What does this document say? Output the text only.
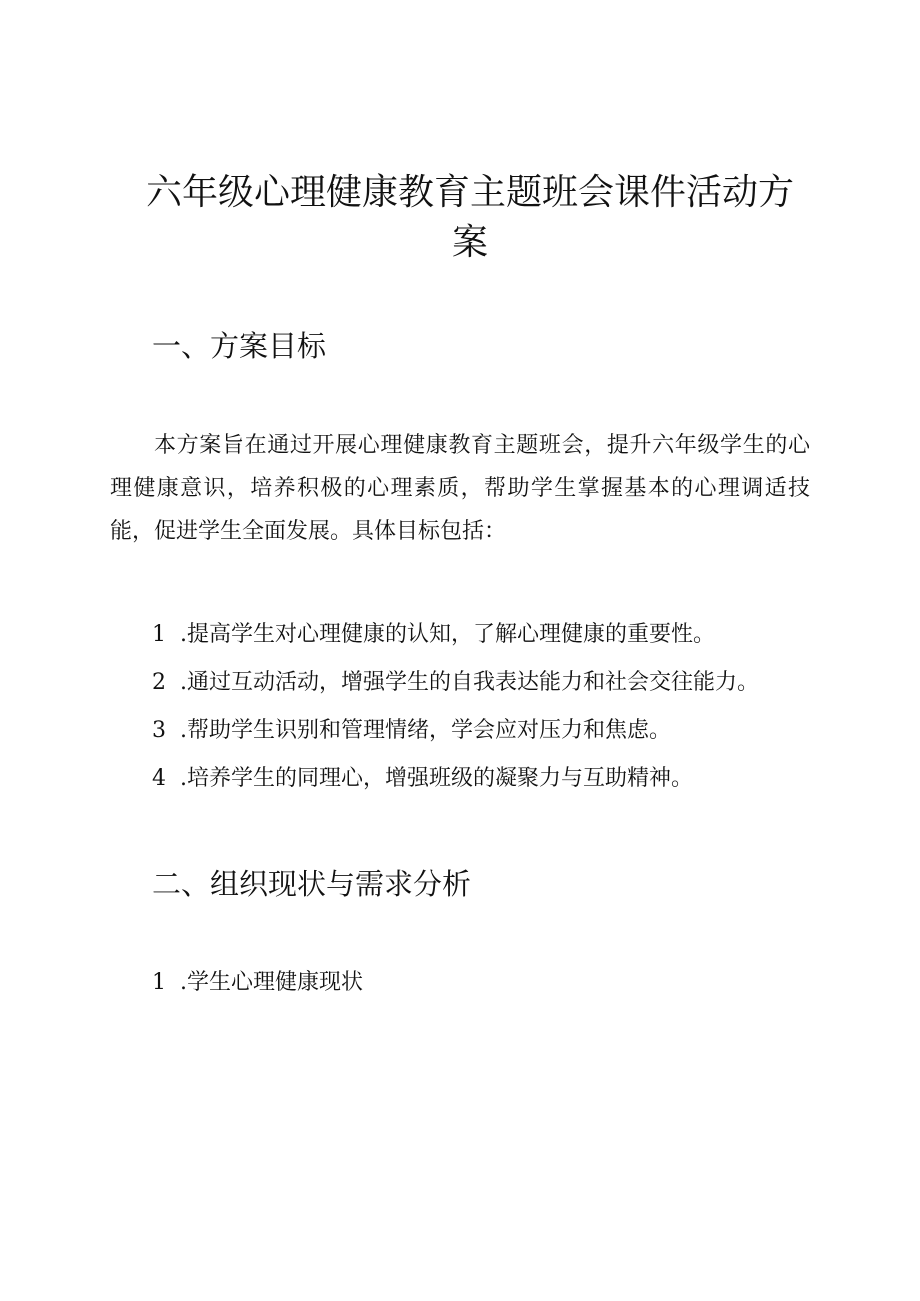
六年级心理健康教育主题班会课件活动方案
一、方案目标

本方案旨在通过开展心理健康教育主题班会，提升六年级学生的心理健康意识，培养积极的心理素质，帮助学生掌握基本的心理调适技能，促进学生全面发展。具体目标包括：

1 .提高学生对心理健康的认知，了解心理健康的重要性。
2 .通过互动活动，增强学生的自我表达能力和社会交往能力。
3 .帮助学生识别和管理情绪，学会应对压力和焦虑。
4 .培养学生的同理心，增强班级的凝聚力与互助精神。
二、组织现状与需求分析

1 .学生心理健康现状
